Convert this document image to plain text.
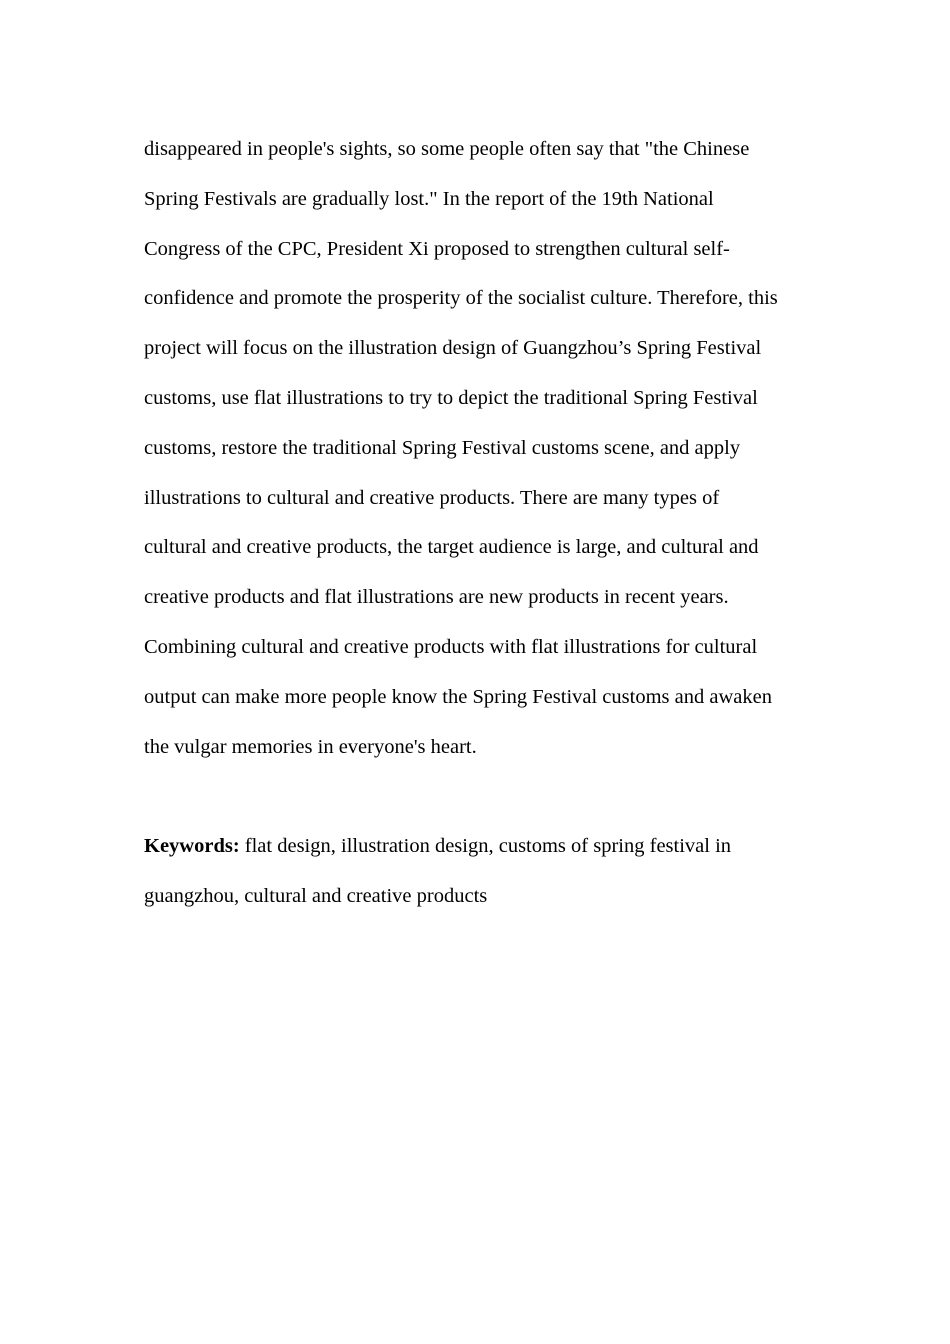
disappeared in people's sights, so some people often say that "the Chinese
Spring Festivals are gradually lost." In the report of the 19th National
Congress of the CPC, President Xi proposed to strengthen cultural self-
confidence and promote the prosperity of the socialist culture. Therefore, this
project will focus on the illustration design of Guangzhou’s Spring Festival
customs, use flat illustrations to try to depict the traditional Spring Festival
customs, restore the traditional Spring Festival customs scene, and apply
illustrations to cultural and creative products. There are many types of
cultural and creative products, the target audience is large, and cultural and
creative products and flat illustrations are new products in recent years.
Combining cultural and creative products with flat illustrations for cultural
output can make more people know the Spring Festival customs and awaken
the vulgar memories in everyone's heart.
Keywords: flat design, illustration design, customs of spring festival in
guangzhou, cultural and creative products
